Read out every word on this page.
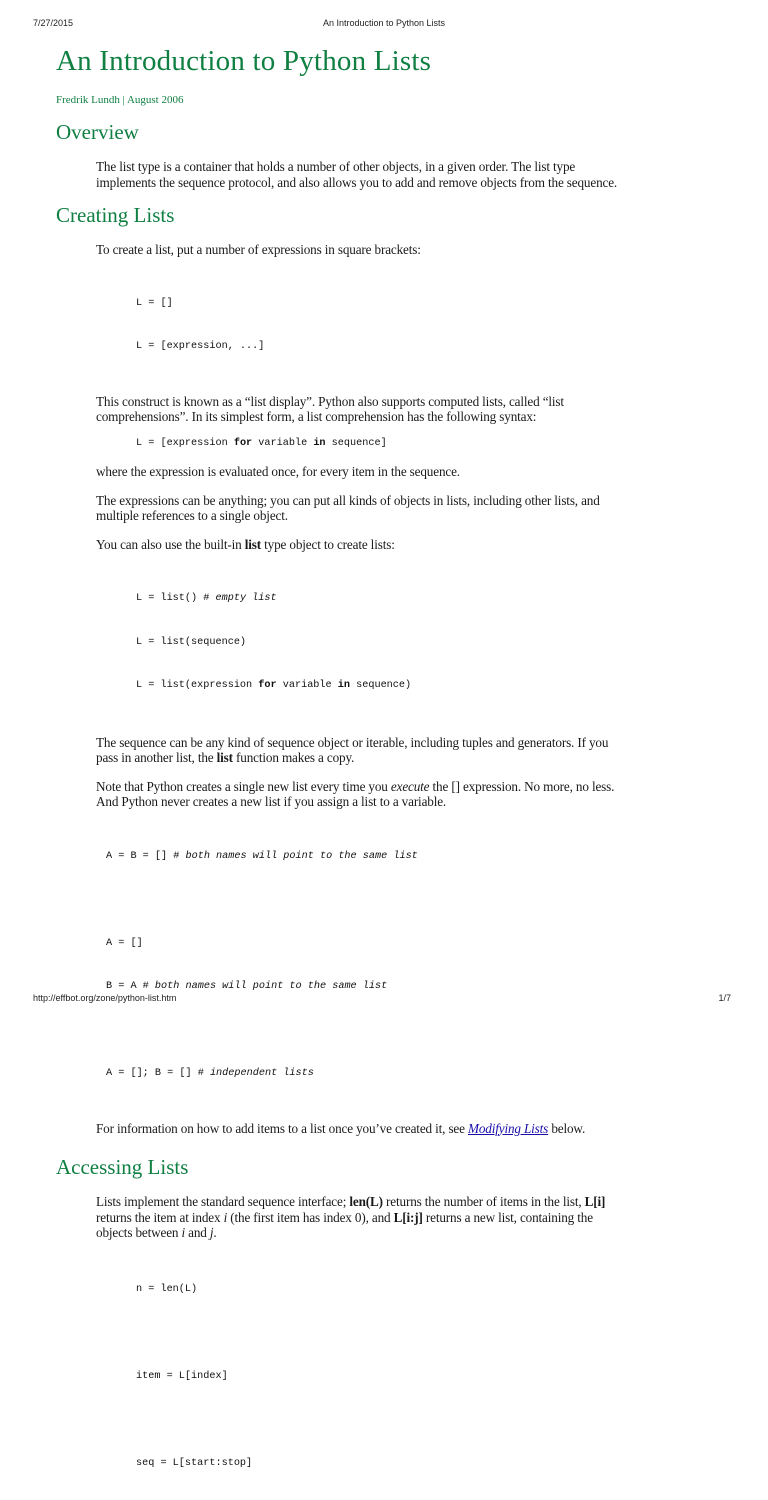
7/27/2015	An Introduction to Python Lists
An Introduction to Python Lists
Fredrik Lundh | August 2006
Overview

The list type is a container that holds a number of other objects, in a given order. The list type implements the sequence protocol, and also allows you to add and remove objects from the sequence.

Creating Lists

To create a list, put a number of expressions in square brackets:

L = []

L = [expression, ...]

This construct is known as a “list display”. Python also supports computed lists, called “list comprehensions”. In its simplest form, a list comprehension has the following syntax:

L = [expression for variable in sequence]

where the expression is evaluated once, for every item in the sequence.

The expressions can be anything; you can put all kinds of objects in lists, including other lists, and multiple references to a single object.

You can also use the built-in list type object to create lists:

L = list() # empty list

L = list(sequence)

L = list(expression for variable in sequence)

The sequence can be any kind of sequence object or iterable, including tuples and generators. If you pass in another list, the list function makes a copy.

Note that Python creates a single new list every time you execute the [] expression. No more, no less. And Python never creates a new list if you assign a list to a variable.

A = B = [] # both names will point to the same list

A = []

B = A # both names will point to the same list

A = []; B = [] # independent lists

For information on how to add items to a list once you’ve created it, see Modifying Lists below.

Accessing Lists

Lists implement the standard sequence interface; len(L) returns the number of items in the list, L[i] returns the item at index i (the first item has index 0), and L[i:j] returns a new list, containing the objects between i and j.

n = len(L)

item = L[index]

seq = L[start:stop]

http://effbot.org/zone/python-list.htm	1/7
